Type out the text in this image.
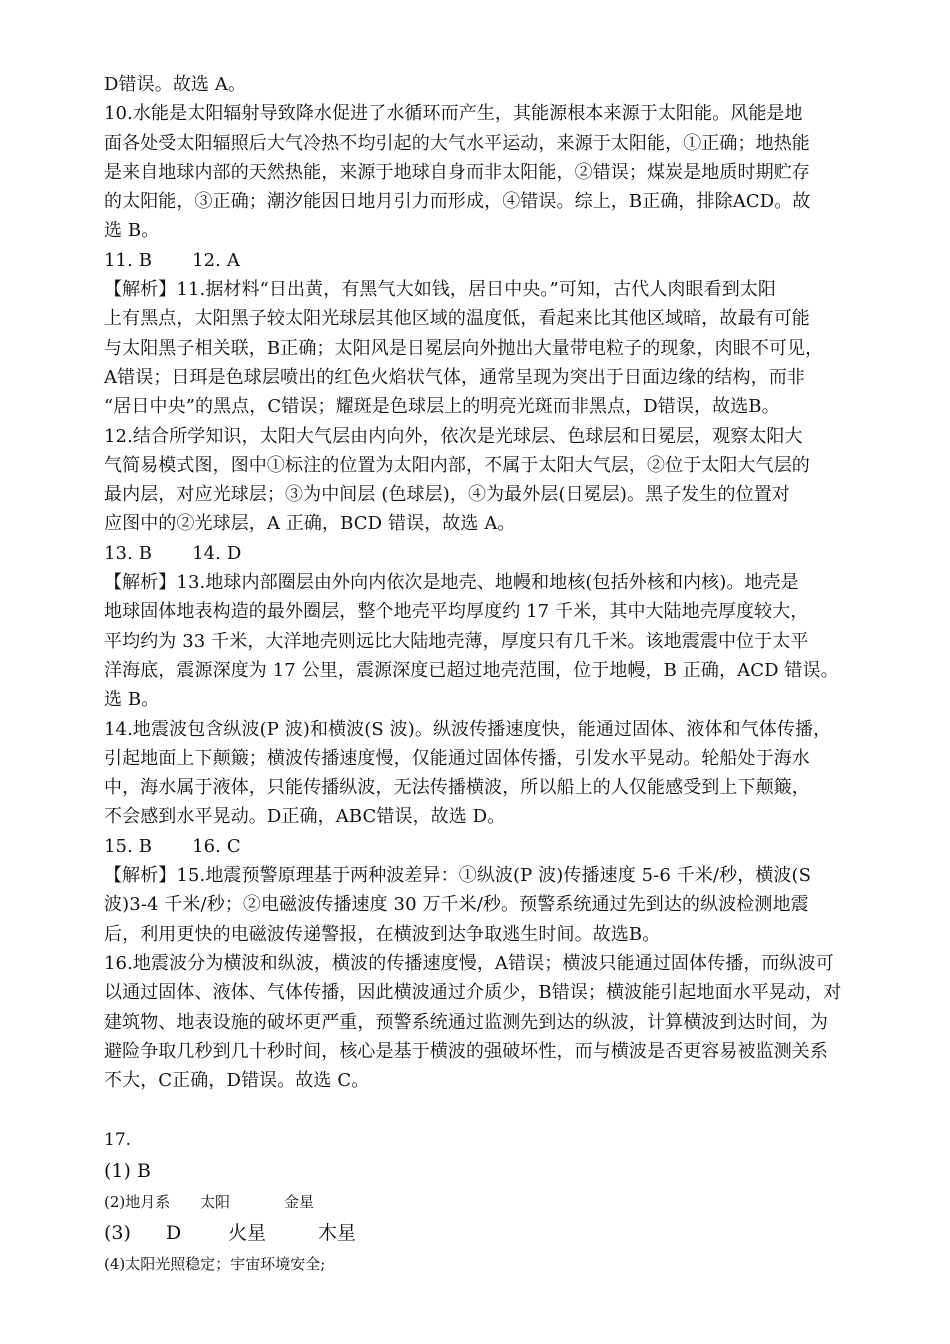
D错误。故选 A。
10.水能是太阳辐射导致降水促进了水循环而产生，其能源根本来源于太阳能。风能是地
面各处受太阳辐照后大气冷热不均引起的大气水平运动，来源于太阳能，①正确；地热能
是来自地球内部的天然热能，来源于地球自身而非太阳能，②错误；煤炭是地质时期贮存
的太阳能，③正确；潮汐能因日地月引力而形成，④错误。综上，B正确，排除ACD。故
选 B。
11. B 12. A
【解析】11.据材料“日出黄，有黑气大如钱，居日中央。”可知，古代人肉眼看到太阳
上有黑点，太阳黑子较太阳光球层其他区域的温度低，看起来比其他区域暗，故最有可能
与太阳黑子相关联，B正确；太阳风是日冕层向外抛出大量带电粒子的现象，肉眼不可见，
A错误；日珥是色球层喷出的红色火焰状气体，通常呈现为突出于日面边缘的结构，而非
“居日中央”的黑点，C错误；耀斑是色球层上的明亮光斑而非黑点，D错误，故选B。
12.结合所学知识，太阳大气层由内向外，依次是光球层、色球层和日冕层，观察太阳大
气简易模式图，图中①标注的位置为太阳内部，不属于太阳大气层，②位于太阳大气层的
最内层，对应光球层；③为中间层 (色球层)，④为最外层(日冕层)。黑子发生的位置对
应图中的②光球层，A 正确，BCD 错误，故选 A。
13. B 14. D
【解析】13.地球内部圈层由外向内依次是地壳、地幔和地核(包括外核和内核)。地壳是
地球固体地表构造的最外圈层，整个地壳平均厚度约 17 千米，其中大陆地壳厚度较大，
平均约为 33 千米，大洋地壳则远比大陆地壳薄，厚度只有几千米。该地震震中位于太平
洋海底，震源深度为 17 公里，震源深度已超过地壳范围，位于地幔，B 正确，ACD 错误。
选 B。
14.地震波包含纵波(P 波)和横波(S 波)。纵波传播速度快，能通过固体、液体和气体传播，
引起地面上下颠簸；横波传播速度慢，仅能通过固体传播，引发水平晃动。轮船处于海水
中，海水属于液体，只能传播纵波，无法传播横波，所以船上的人仅能感受到上下颠簸，
不会感到水平晃动。D正确，ABC错误，故选 D。
15. B 16. C
【解析】15.地震预警原理基于两种波差异：①纵波(P 波)传播速度 5-6 千米/秒，横波(S
波)3-4 千米/秒；②电磁波传播速度 30 万千米/秒。预警系统通过先到达的纵波检测地震
后，利用更快的电磁波传递警报，在横波到达争取逃生时间。故选B。
16.地震波分为横波和纵波，横波的传播速度慢，A错误；横波只能通过固体传播，而纵波可
以通过固体、液体、气体传播，因此横波通过介质少，B错误；横波能引起地面水平晃动，对
建筑物、地表设施的破坏更严重，预警系统通过监测先到达的纵波，计算横波到达时间，为
避险争取几秒到几十秒时间，核心是基于横波的强破坏性，而与横波是否更容易被监测关系
不大，C正确，D错误。故选 C。
17.
(1) B
(2)地月系 太阳	金星
(3) D 火星	木星
(4)太阳光照稳定；宇宙环境安全;
